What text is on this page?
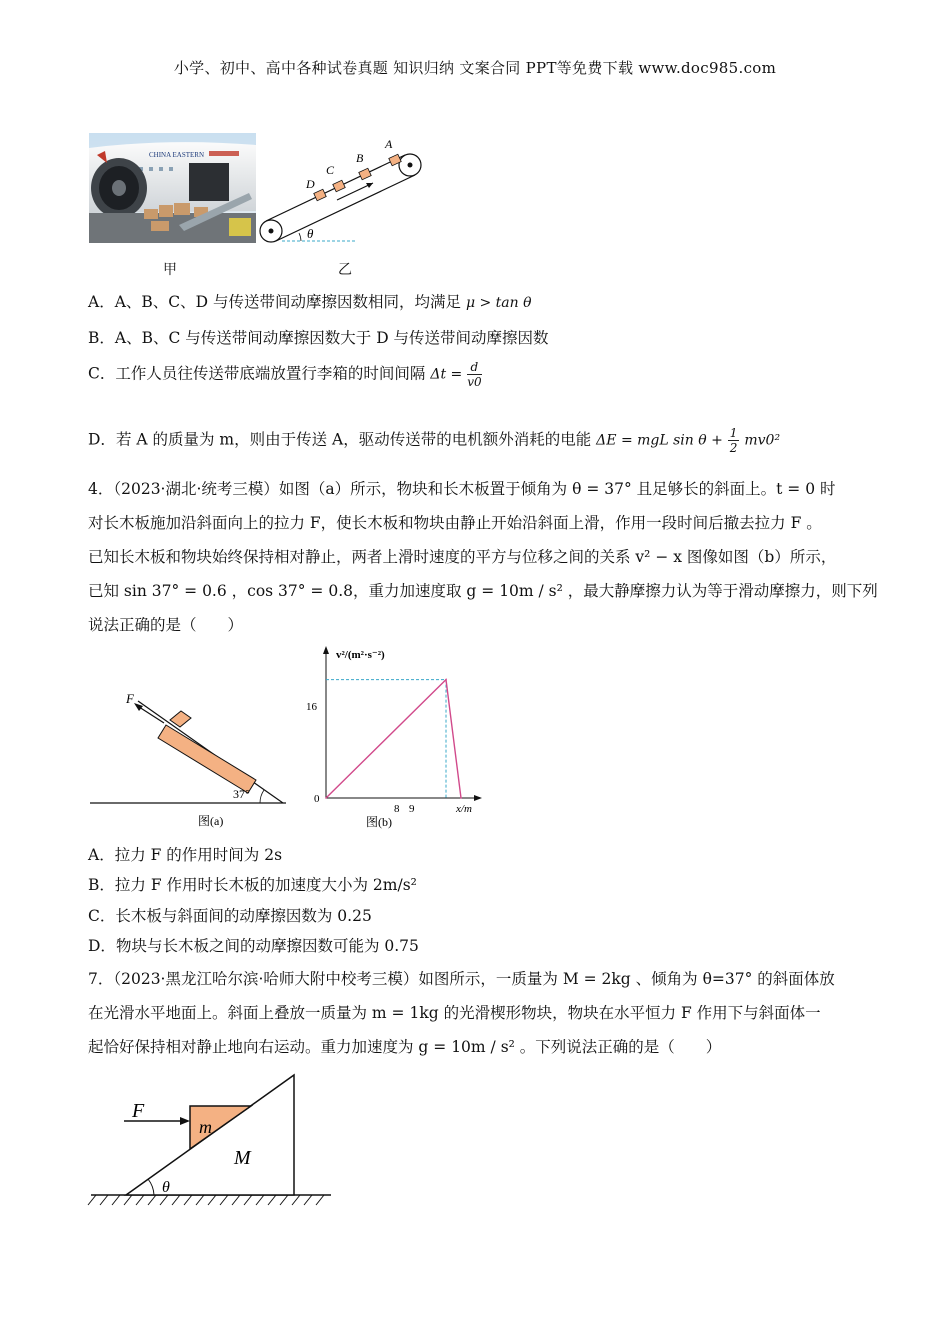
小学、初中、高中各种试卷真题 知识归纳 文案合同 PPT等免费下载 www.doc985.com
CHINA EASTERN
甲
θ
A
B
C
D
乙
A．A、B、C、D 与传送带间动摩擦因数相同，均满足 μ > tan θ
B．A、B、C 与传送带间动摩擦因数大于 D 与传送带间动摩擦因数
C．工作人员往传送带底端放置行李箱的时间间隔 $\Delta t = \frac{d}{v0}$
D．若 A 的质量为 m，则由于传送 A，驱动传送带的电机额外消耗的电能 ΔE = mgL $\sin \theta + \frac{1}{2} mv0^2$
4．（2023·湖北·统考三模）如图（a）所示，物块和长木板置于倾角为 θ = 37° 且足够长的斜面上。t = 0 时
对长木板施加沿斜面向上的拉力 F，使长木板和物块由静止开始沿斜面上滑，作用一段时间后撤去拉力 F 。
已知长木板和物块始终保持相对静止，两者上滑时速度的平方与位移之间的关系 v² − x 图像如图（b）所示，
已知 sin 37° = 0.6 ，cos 37° = 0.8，重力加速度取 g = 10m / s² ，最大静摩擦力认为等于滑动摩擦力，则下列
说法正确的是（　　）
F
37°
图(a)
v²/(m²·s⁻²)
x/m
0
16
8 9
图(b)
A．拉力 F 的作用时间为 2s
B．拉力 F 作用时长木板的加速度大小为 2m/s²
C．长木板与斜面间的动摩擦因数为 0.25
D．物块与长木板之间的动摩擦因数可能为 0.75
7．（2023·黑龙江哈尔滨·哈师大附中校考三模）如图所示，一质量为 M = 2kg 、倾角为 θ=37° 的斜面体放
在光滑水平地面上。斜面上叠放一质量为 m = 1kg 的光滑楔形物块，物块在水平恒力 F 作用下与斜面体一
起恰好保持相对静止地向右运动。重力加速度为 g = 10m / s² 。下列说法正确的是（　　）
F
m
M
θ
